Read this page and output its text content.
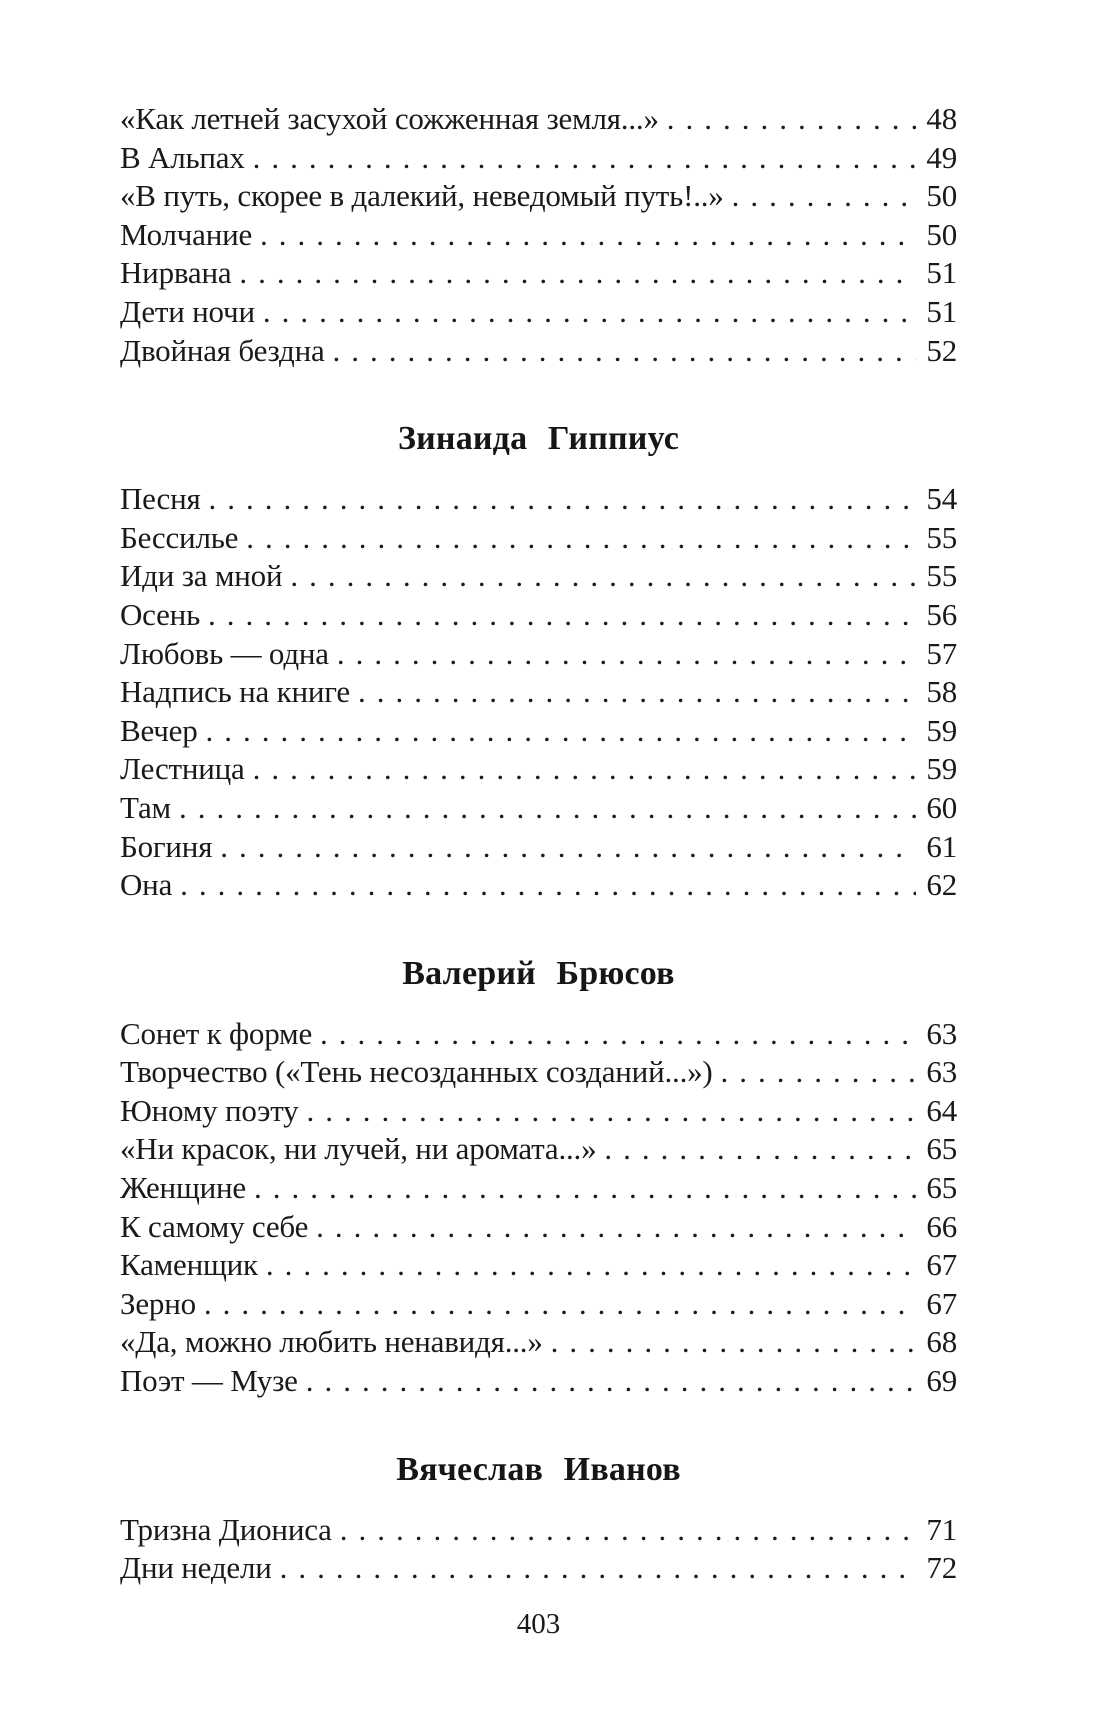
«Как летней засухой сожженная земля...» .....	48
В Альпах .....	49
«В путь, скорее в далекий, неведомый путь!..» .....	50
Молчание .....	50
Нирвана .....	51
Дети ночи .....	51
Двойная бездна .....	52
Зинаида Гиппиус
Песня .....	54
Бессилье .....	55
Иди за мной .....	55
Осень .....	56
Любовь — одна .....	57
Надпись на книге .....	58
Вечер .....	59
Лестница .....	59
Там .....	60
Богиня .....	61
Она .....	62
Валерий Брюсов
Сонет к форме .....	63
Творчество («Тень несозданных созданий...») .....	63
Юному поэту .....	64
«Ни красок, ни лучей, ни аромата...» .....	65
Женщине .....	65
К самому себе .....	66
Каменщик .....	67
Зерно .....	67
«Да, можно любить ненавидя...» .....	68
Поэт — Музе .....	69
Вячеслав Иванов
Тризна Диониса .....	71
Дни недели .....	72
403
